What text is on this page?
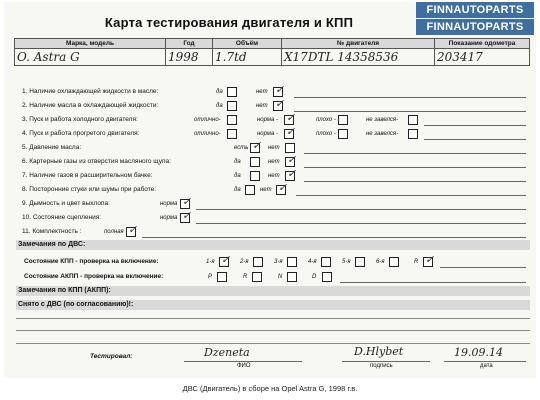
Карта тестирования двигателя и КПП
Марка, модель	Год	Объём	№ двигателя	Показание одометра
O. Astra G	1998	1.7td	X17DTL 14358536	203417
1. Наличие охлаждающей жидкости в масле:	да	нет ✓
2. Наличие масла в охлаждающей жидкости:	да	нет ✓
3. Пуск и работа холодного двигателя:	отлично-	норма - ✓	плохо -	не завелся-
4. Пуск и работа прогретого двигателя:	отлично-	норма - ✓	плохо -	не завелся-
5. Давление масла:	есть ✓ нет
6. Картерные газы из отверстия масляного щупа:	да	нет ✓
7. Наличие газов в расширительном бачке:	да	нет ✓
8. Посторонние стуки или шумы при работе:	да	нет ✓
9. Дымность и цвет выхлопа:	норма ✓
10. Состояние сцепления:	норма ✓
11. Комплектность :	полная ✓
Замечания по ДВС:
Состояние КПП - проверка на включение:	1-я ✓ 2-я	3-я	4-я	5-я	6-я	R ✓
Состояние АКПП - проверка на включение:	P	R	N	D
Замечания по КПП (АКПП):
Снято с ДВС (по согласованию)!:
Тестировал:	Dzeneta
ФИО
D.Hlybet
подпись
19.09.14
дата
FINNAUTOPARTS
FINNAUTOPARTS
ДВС (Двигатель) в сборе на Opel Astra G, 1998 г.в.
